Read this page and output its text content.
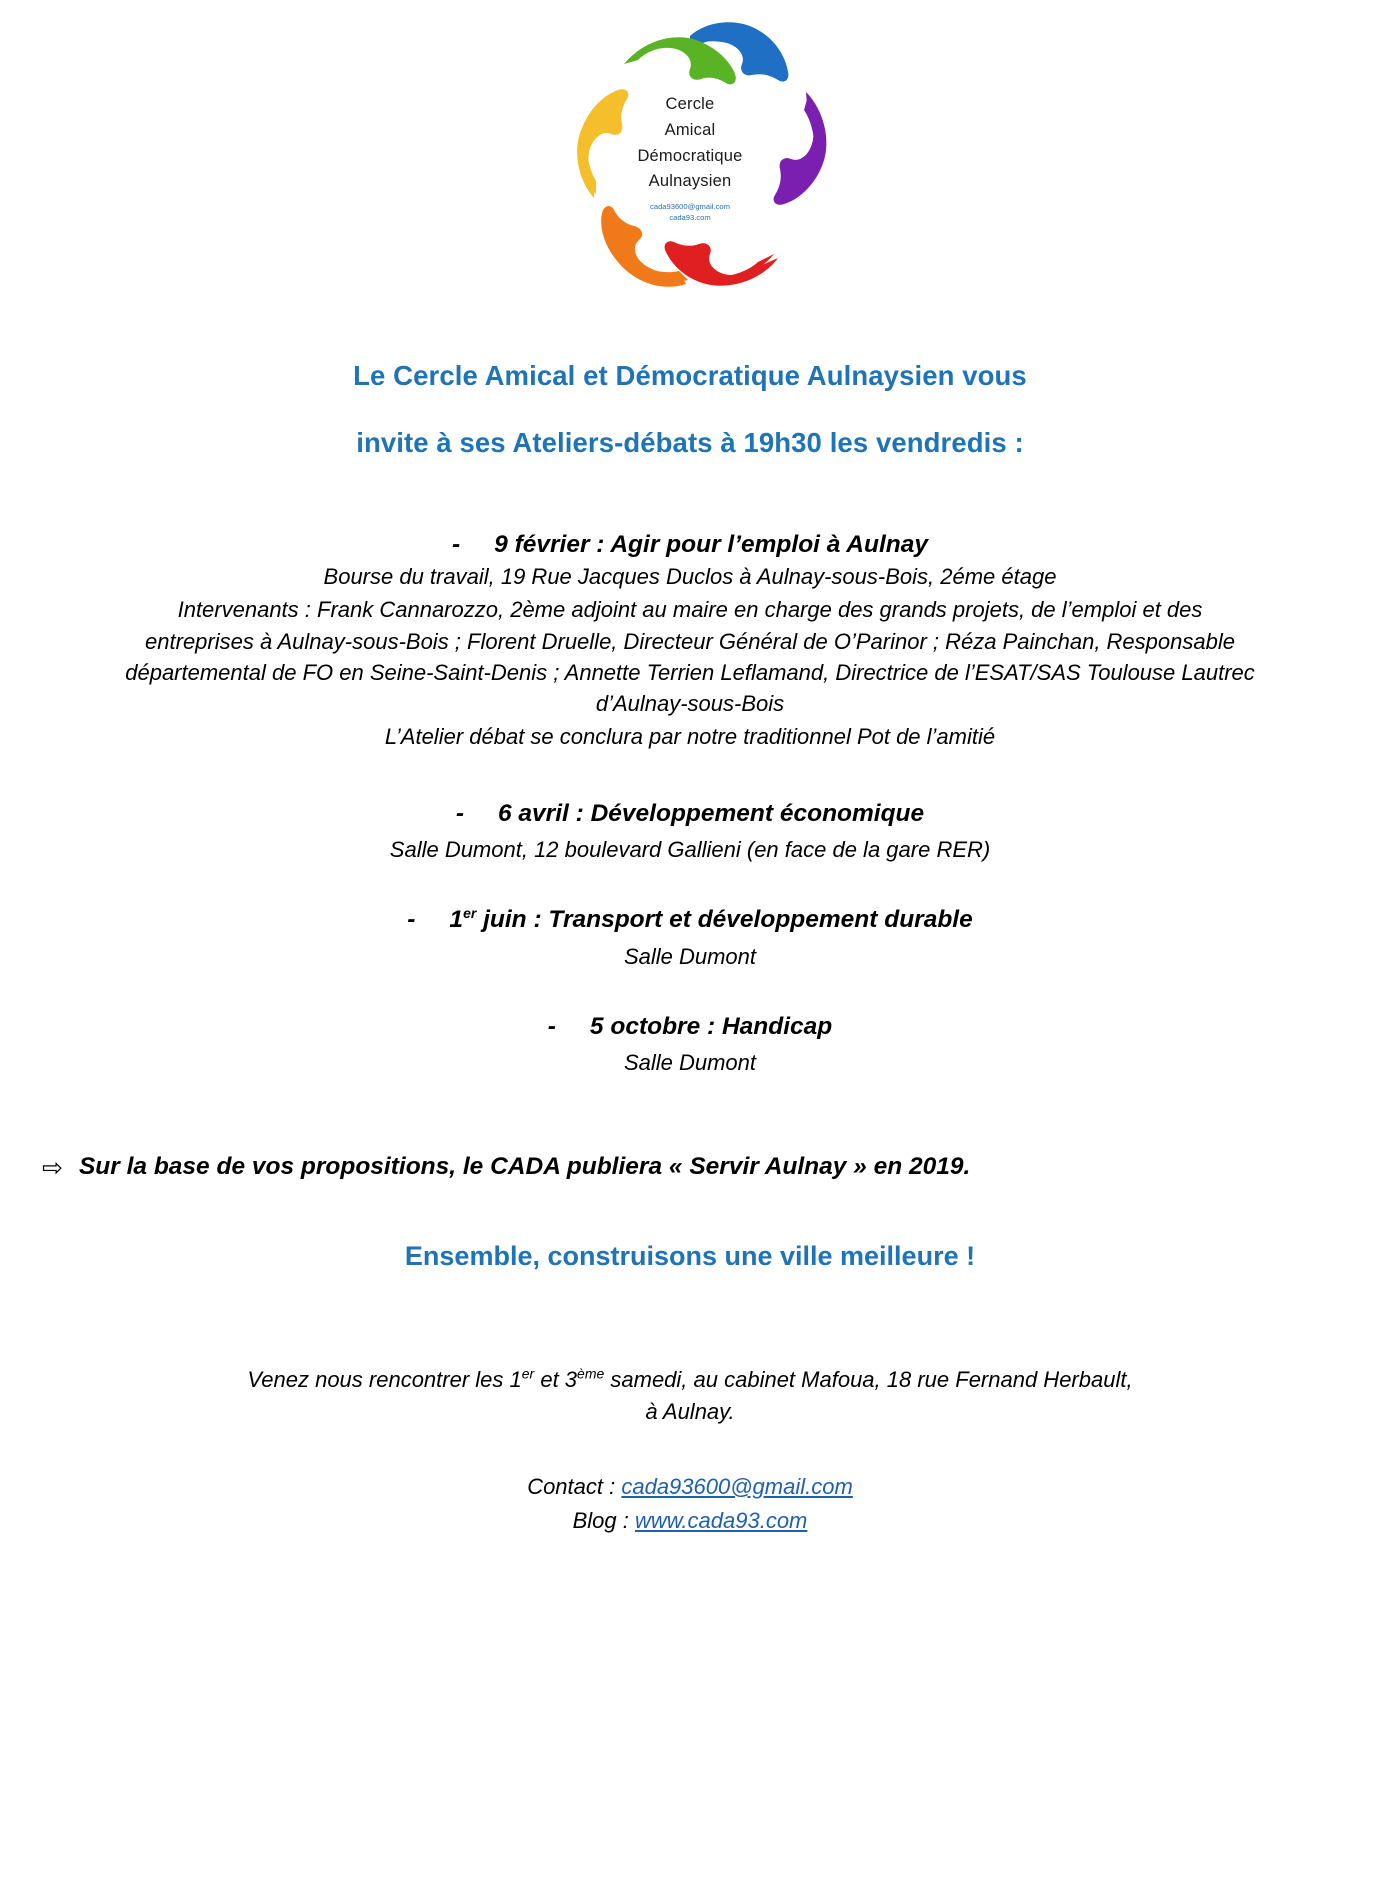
Cercle
Amical
Démocratique
Aulnaysien
cada93600@gmail.com
cada93.com
Le Cercle Amical et Démocratique Aulnaysien vous
invite à ses Ateliers-débats à 19h30 les vendredis :
- 9 février : Agir pour l’emploi à Aulnay
Bourse du travail, 19 Rue Jacques Duclos à Aulnay-sous-Bois, 2éme étage
Intervenants : Frank Cannarozzo, 2ème adjoint au maire en charge des grands projets, de l’emploi et des entreprises à Aulnay-sous-Bois ; Florent Druelle, Directeur Général de O’Parinor ; Réza Painchan, Responsable départemental de FO en Seine-Saint-Denis ; Annette Terrien Leflamand, Directrice de l’ESAT/SAS Toulouse Lautrec d’Aulnay-sous-Bois
L’Atelier débat se conclura par notre traditionnel Pot de l’amitié
- 6 avril : Développement économique
Salle Dumont, 12 boulevard Gallieni (en face de la gare RER)
- 1er juin : Transport et développement durable
Salle Dumont
- 5 octobre : Handicap
Salle Dumont
⇨ Sur la base de vos propositions, le CADA publiera « Servir Aulnay » en 2019.
Ensemble, construisons une ville meilleure !
Venez nous rencontrer les 1er et 3ème samedi, au cabinet Mafoua, 18 rue Fernand Herbault,
à Aulnay.
Contact : cada93600@gmail.com
Blog : www.cada93.com
